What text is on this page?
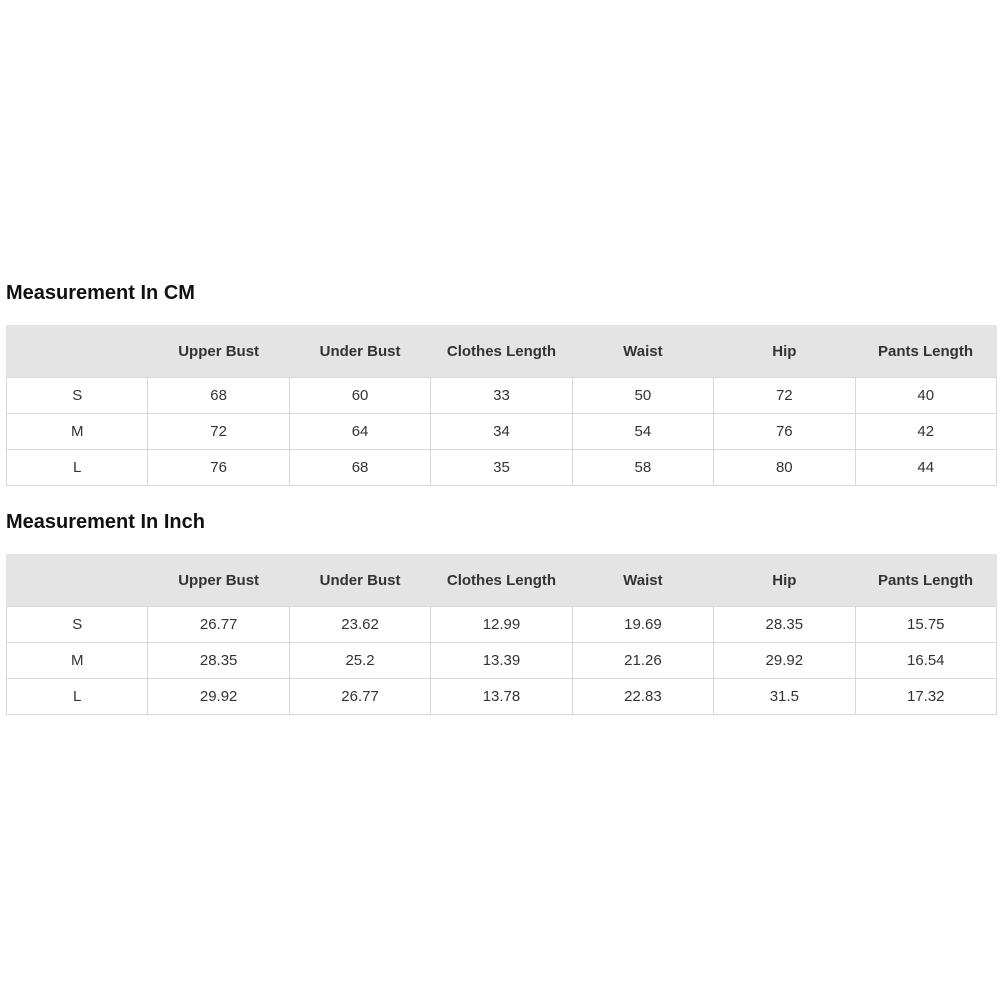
Measurement In CM
	Upper Bust	Under Bust	Clothes Length	Waist	Hip	Pants Length
S	68	60	33	50	72	40
M	72	64	34	54	76	42
L	76	68	35	58	80	44
Measurement In Inch
	Upper Bust	Under Bust	Clothes Length	Waist	Hip	Pants Length
S	26.77	23.62	12.99	19.69	28.35	15.75
M	28.35	25.2	13.39	21.26	29.92	16.54
L	29.92	26.77	13.78	22.83	31.5	17.32
